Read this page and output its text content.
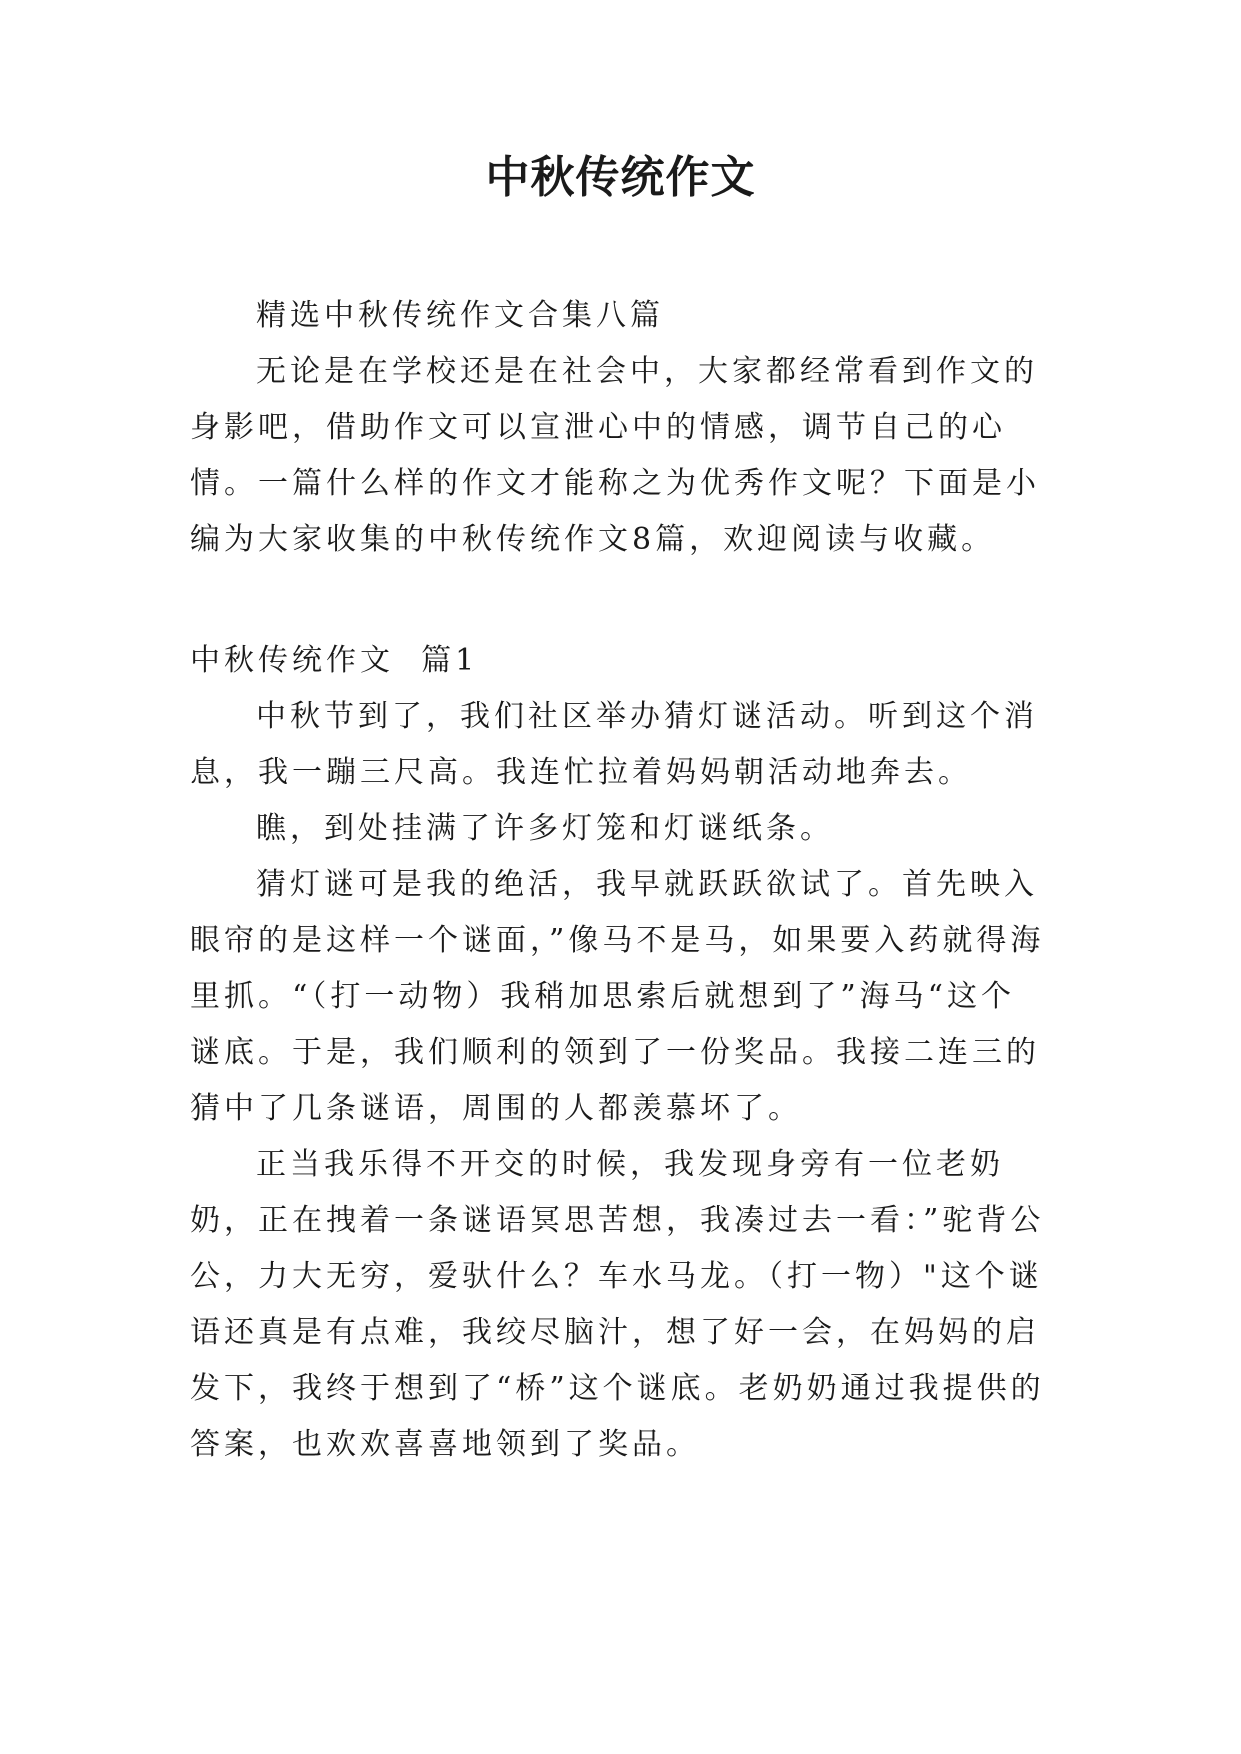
中秋传统作文

精选中秋传统作文合集八篇

无论是在学校还是在社会中，大家都经常看到作文的身影吧，借助作文可以宣泄心中的情感，调节自己的心情。一篇什么样的作文才能称之为优秀作文呢？下面是小编为大家收集的中秋传统作文8篇，欢迎阅读与收藏。

中秋传统作文  篇1

中秋节到了，我们社区举办猜灯谜活动。听到这个消息，我一蹦三尺高。我连忙拉着妈妈朝活动地奔去。

瞧，到处挂满了许多灯笼和灯谜纸条。

猜灯谜可是我的绝活，我早就跃跃欲试了。首先映入眼帘的是这样一个谜面，”像马不是马，如果要入药就得海里抓。“（打一动物）我稍加思索后就想到了”海马“这个谜底。于是，我们顺利的领到了一份奖品。我接二连三的猜中了几条谜语，周围的人都羡慕坏了。

正当我乐得不开交的时候，我发现身旁有一位老奶奶，正在拽着一条谜语冥思苦想，我凑过去一看：”驼背公公，力大无穷，爱驮什么？车水马龙。（打一物）"这个谜语还真是有点难，我绞尽脑汁，想了好一会，在妈妈的启发下，我终于想到了“桥”这个谜底。老奶奶通过我提供的答案，也欢欢喜喜地领到了奖品。
